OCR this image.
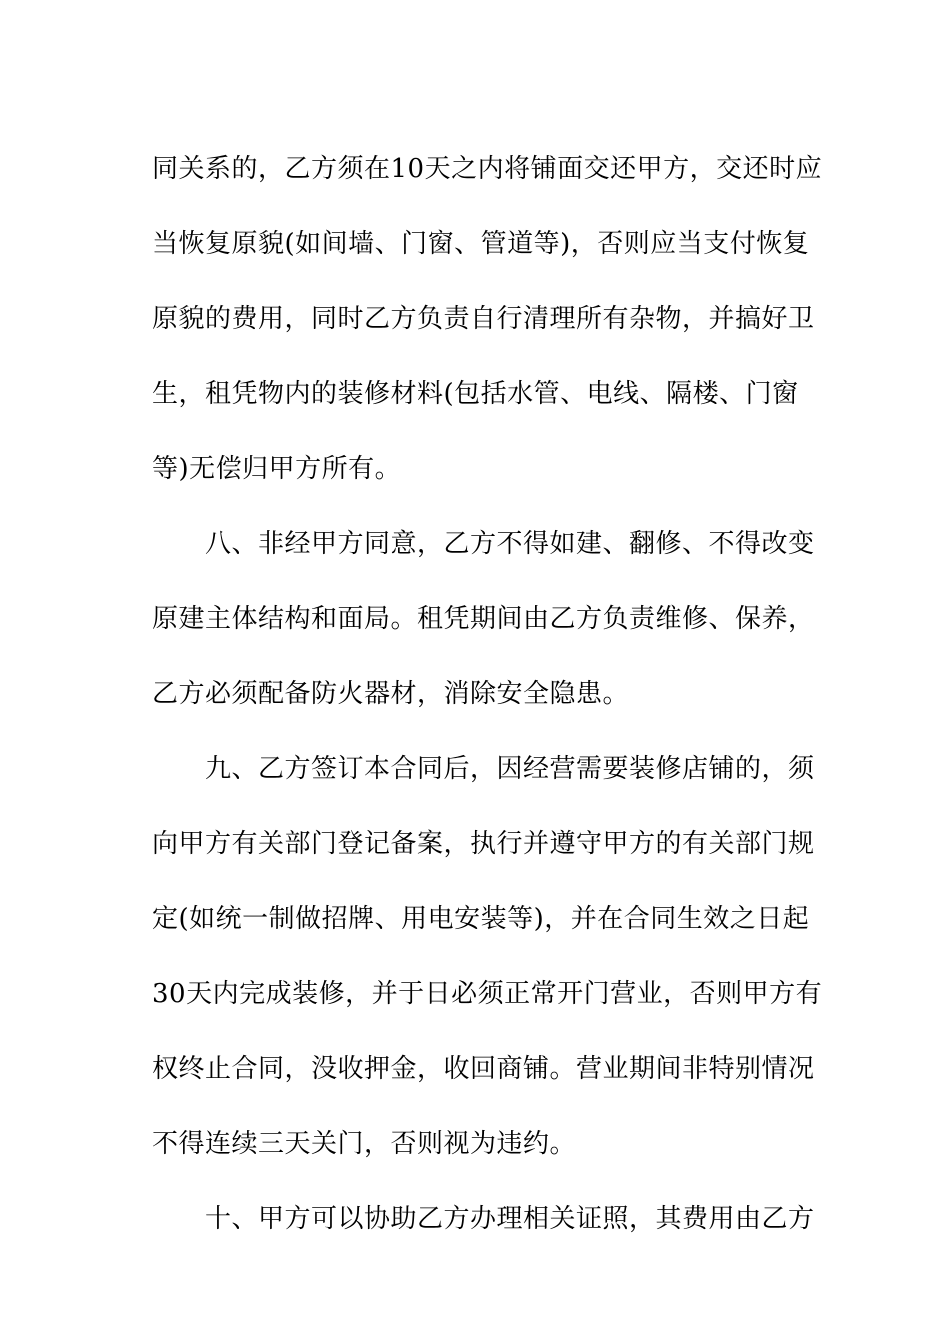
同关系的，乙方须在10天之内将铺面交还甲方，交还时应
当恢复原貌(如间墙、门窗、管道等)，否则应当支付恢复
原貌的费用，同时乙方负责自行清理所有杂物，并搞好卫
生，租凭物内的装修材料(包括水管、电线、隔楼、门窗
等)无偿归甲方所有。
　　八、非经甲方同意，乙方不得如建、翻修、不得改变
原建主体结构和面局。租凭期间由乙方负责维修、保养，
乙方必须配备防火器材，消除安全隐患。
　　九、乙方签订本合同后，因经营需要装修店铺的，须
向甲方有关部门登记备案，执行并遵守甲方的有关部门规
定(如统一制做招牌、用电安装等)，并在合同生效之日起
30天内完成装修，并于日必须正常开门营业，否则甲方有
权终止合同，没收押金，收回商铺。营业期间非特别情况
不得连续三天关门，否则视为违约。
　　十、甲方可以协助乙方办理相关证照，其费用由乙方
